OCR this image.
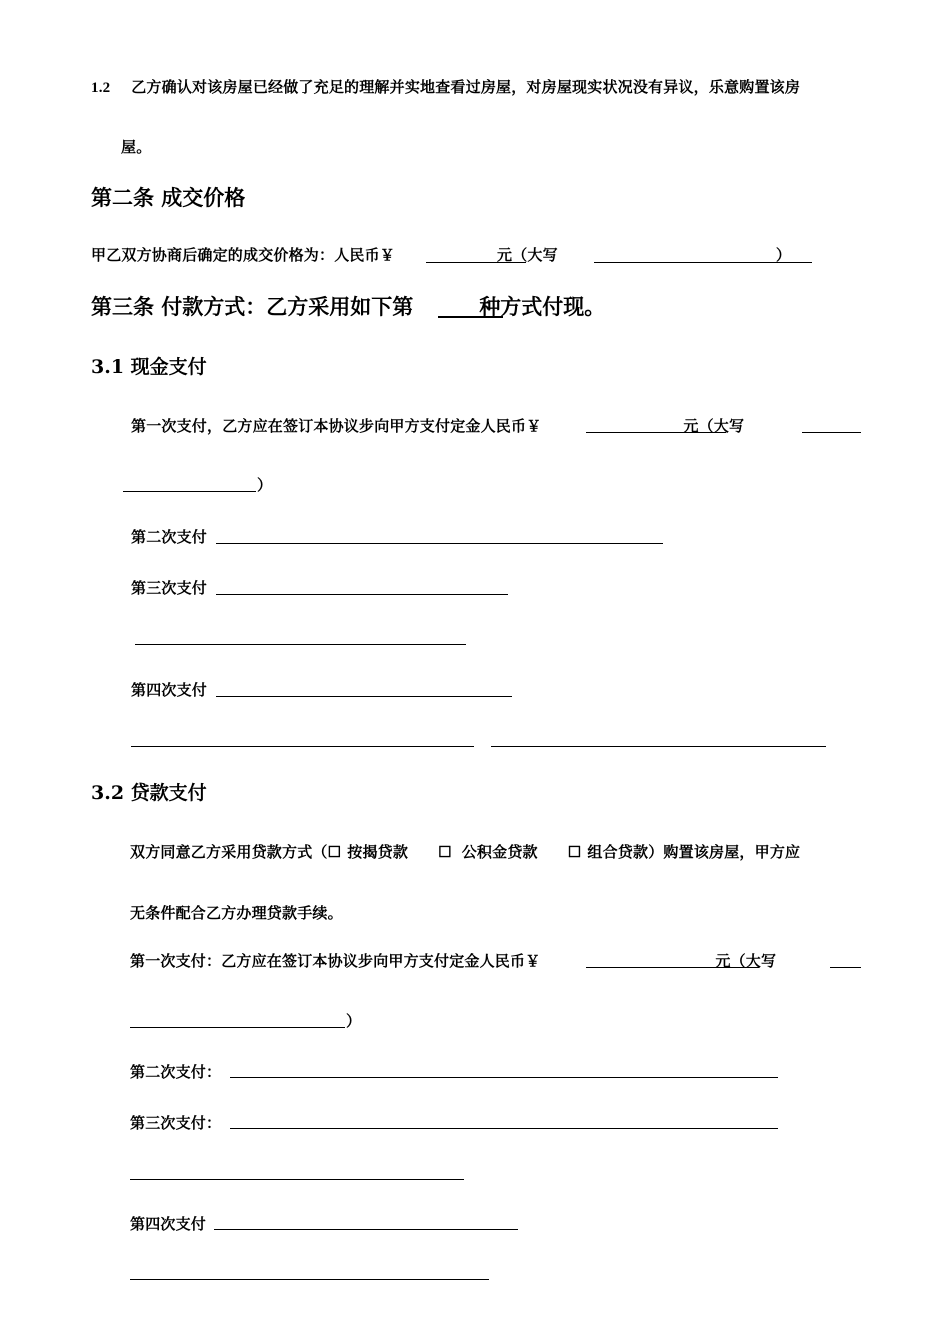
1.2 乙方确认对该房屋已经做了充足的理解并实地查看过房屋，对房屋现实状况没有异议，乐意购置该房
屋。
第二条 成交价格
甲乙双方协商后确定的成交价格为：人民币￥	元（大写	）
第三条 付款方式：乙方采用如下第	种方式付现。
3.1 现金支付
第一次支付，乙方应在签订本协议步向甲方支付定金人民币￥	元（大写
）
第二次支付
第三次支付
第四次支付
3.2 贷款支付
双方同意乙方采用贷款方式（☐ 按揭贷款 ☐ 公积金贷款 ☐ 组合贷款）购置该房屋，甲方应
无条件配合乙方办理贷款手续。
第一次支付：乙方应在签订本协议步向甲方支付定金人民币￥	元（大写
）
第二次支付：
第三次支付：
第四次支付
